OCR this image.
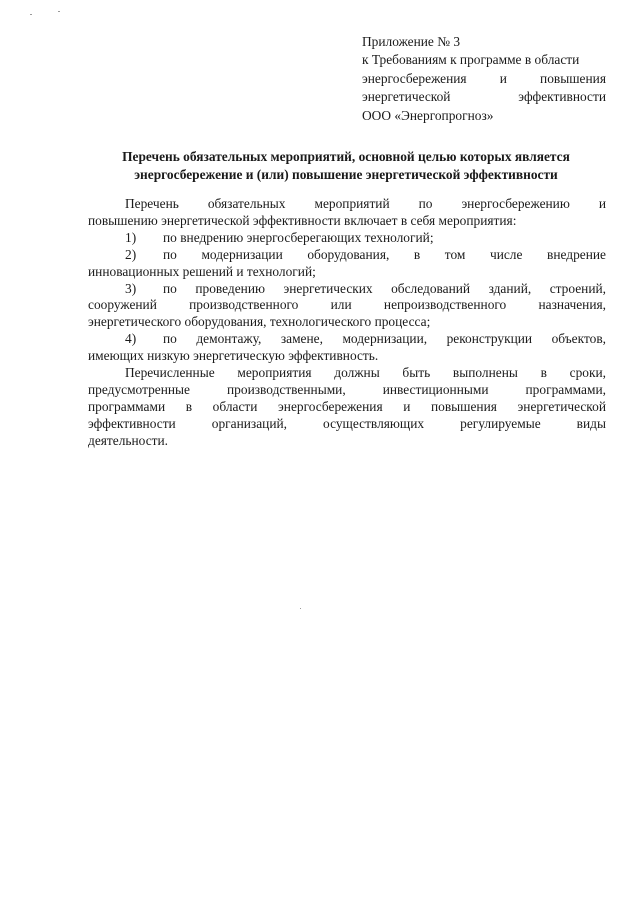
Приложение № 3
к Требованиям к программе в области
энергосбережения и повышения
энергетической эффективности
ООО «Энергопрогноз»
Перечень обязательных мероприятий, основной целью которых является
энергосбережение и (или) повышение энергетической эффективности
Перечень обязательных мероприятий по энергосбережению и
повышению энергетической эффективности включает в себя мероприятия:
1)	по внедрению энергосберегающих технологий;
2)	по модернизации оборудования, в том числе внедрение
инновационных решений и технологий;
3)	по проведению энергетических обследований зданий, строений,
сооружений производственного или непроизводственного назначения,
энергетического оборудования, технологического процесса;
4)	по демонтажу, замене, модернизации, реконструкции объектов,
имеющих низкую энергетическую эффективность.
Перечисленные мероприятия должны быть выполнены в сроки,
предусмотренные производственными, инвестиционными программами,
программами в области энергосбережения и повышения энергетической
эффективности организаций, осуществляющих регулируемые виды
деятельности.
